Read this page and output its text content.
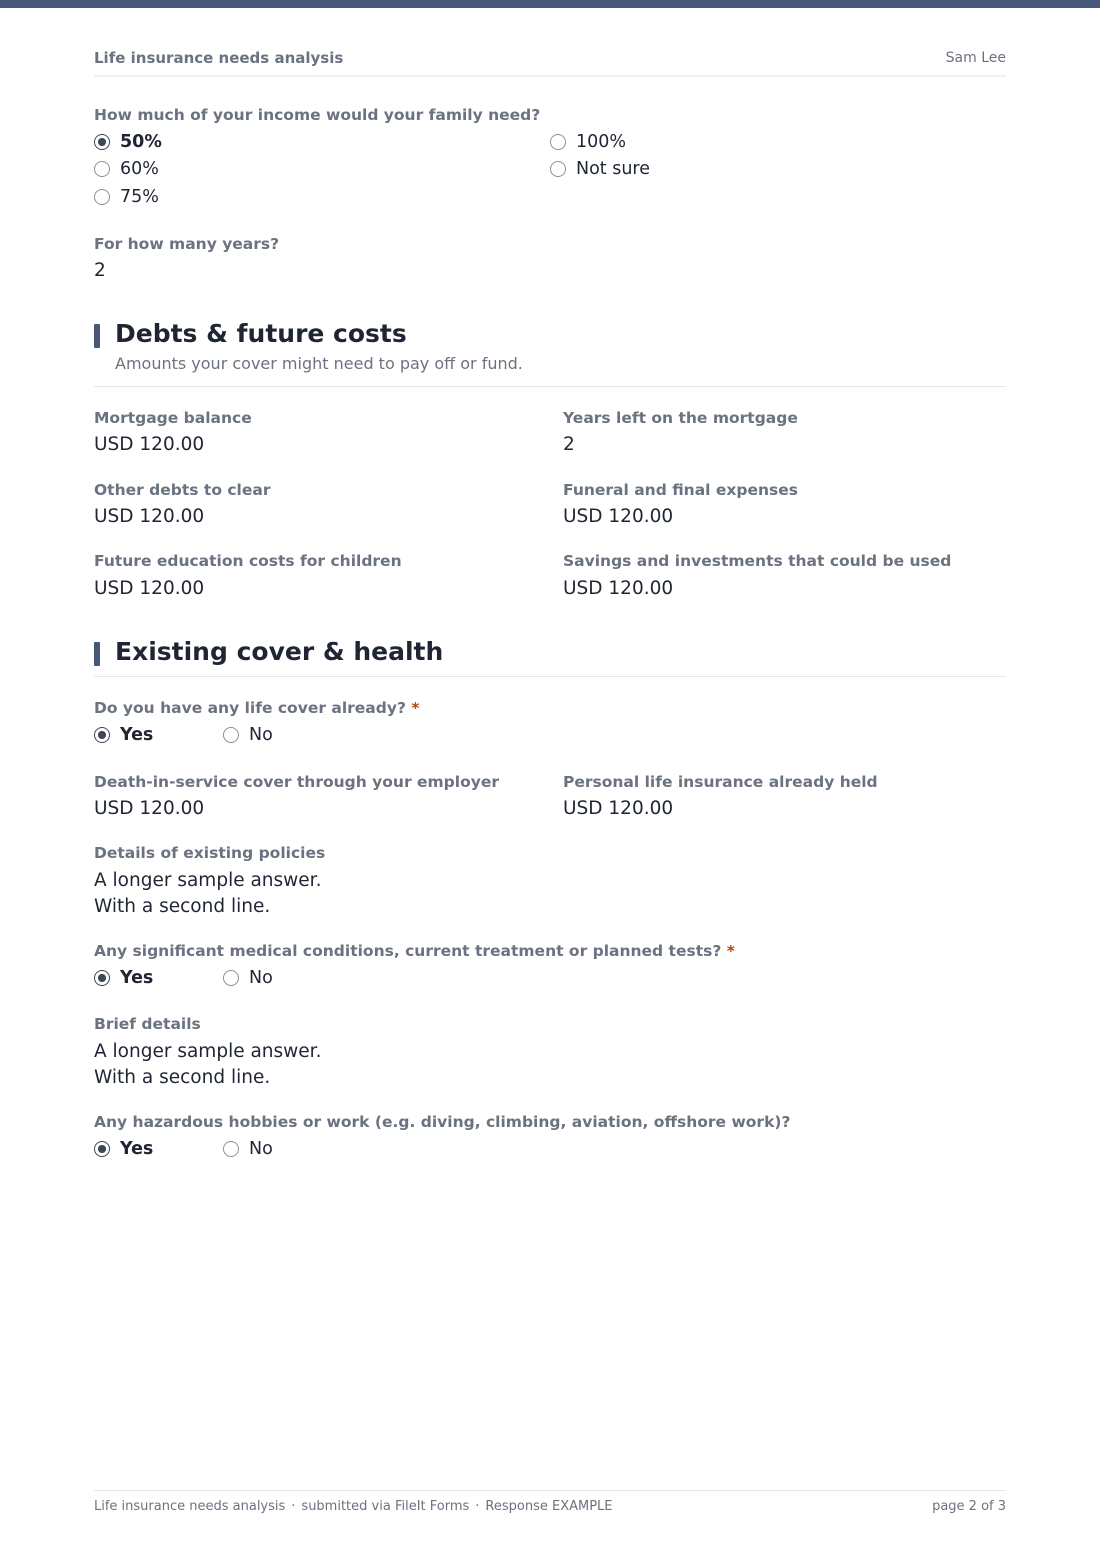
Life insurance needs analysis	Sam Lee
How much of your income would your family need?
50%
60%
75%
100%
Not sure
For how many years?
2
Debts & future costs
Amounts your cover might need to pay off or fund.
Mortgage balance
USD 120.00
Years left on the mortgage
2
Other debts to clear
USD 120.00
Funeral and final expenses
USD 120.00
Future education costs for children
USD 120.00
Savings and investments that could be used
USD 120.00
Existing cover & health
Do you have any life cover already? *
Yes	No
Death-in-service cover through your employer
USD 120.00
Personal life insurance already held
USD 120.00
Details of existing policies
A longer sample answer.
With a second line.
Any significant medical conditions, current treatment or planned tests? *
Yes	No
Brief details
A longer sample answer.
With a second line.
Any hazardous hobbies or work (e.g. diving, climbing, aviation, offshore work)?
Yes	No
Life insurance needs analysis · submitted via FileIt Forms · Response EXAMPLE	page 2 of 3
